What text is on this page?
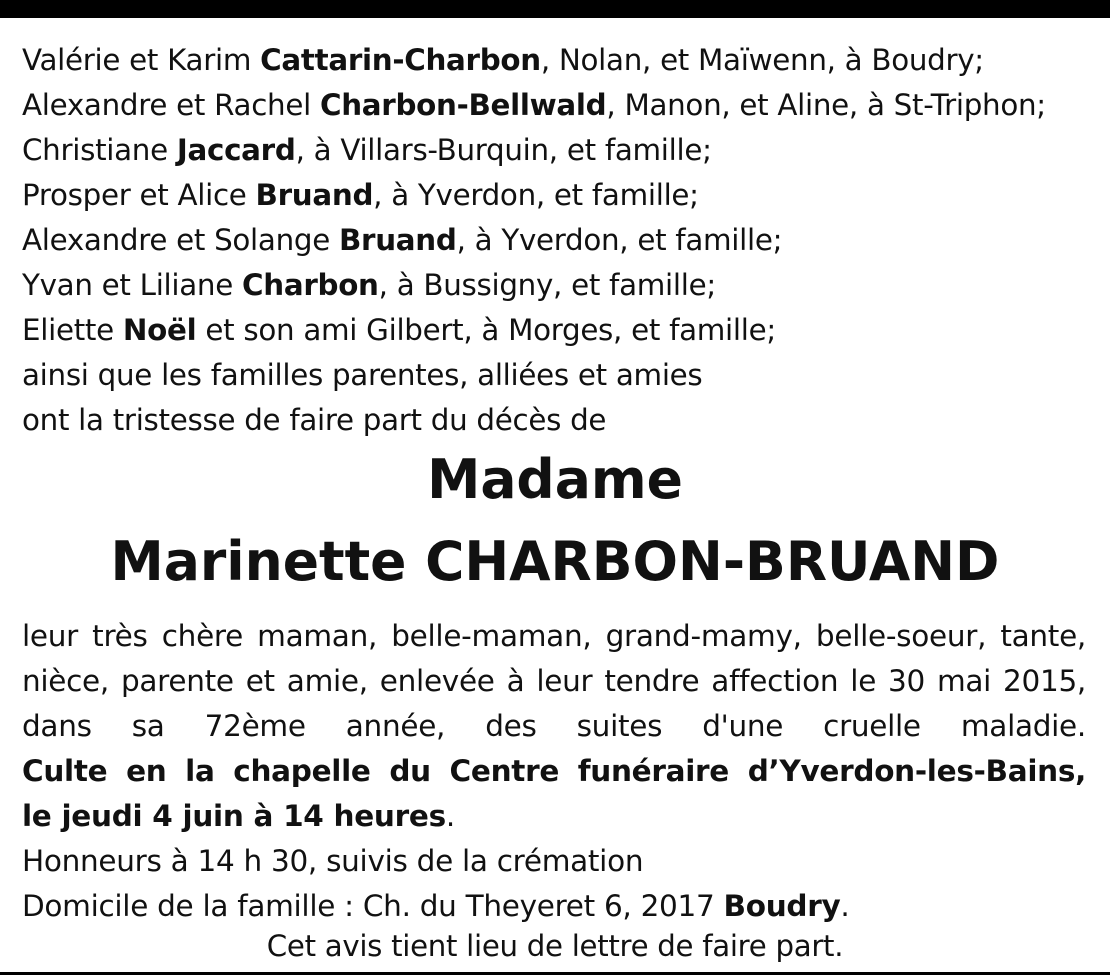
Valérie et Karim Cattarin-Charbon, Nolan, et Maïwenn, à Boudry;
Alexandre et Rachel Charbon-Bellwald, Manon, et Aline, à St-Triphon;
Christiane Jaccard, à Villars-Burquin, et famille;
Prosper et Alice Bruand, à Yverdon, et famille;
Alexandre et Solange Bruand, à Yverdon, et famille;
Yvan et Liliane Charbon, à Bussigny, et famille;
Eliette Noël et son ami Gilbert, à Morges, et famille;
ainsi que les familles parentes, alliées et amies
ont la tristesse de faire part du décès de
Madame
Marinette CHARBON-BRUAND
leur très chère maman, belle-maman, grand-mamy, belle-soeur, tante,
nièce, parente et amie, enlevée à leur tendre affection le 30 mai 2015,
dans sa 72ème année, des suites d'une cruelle maladie.
Culte en la chapelle du Centre funéraire d’Yverdon-les-Bains,
le jeudi 4 juin à 14 heures.
Honneurs à 14 h 30, suivis de la crémation
Domicile de la famille : Ch. du Theyeret 6, 2017 Boudry.
Cet avis tient lieu de lettre de faire part.
